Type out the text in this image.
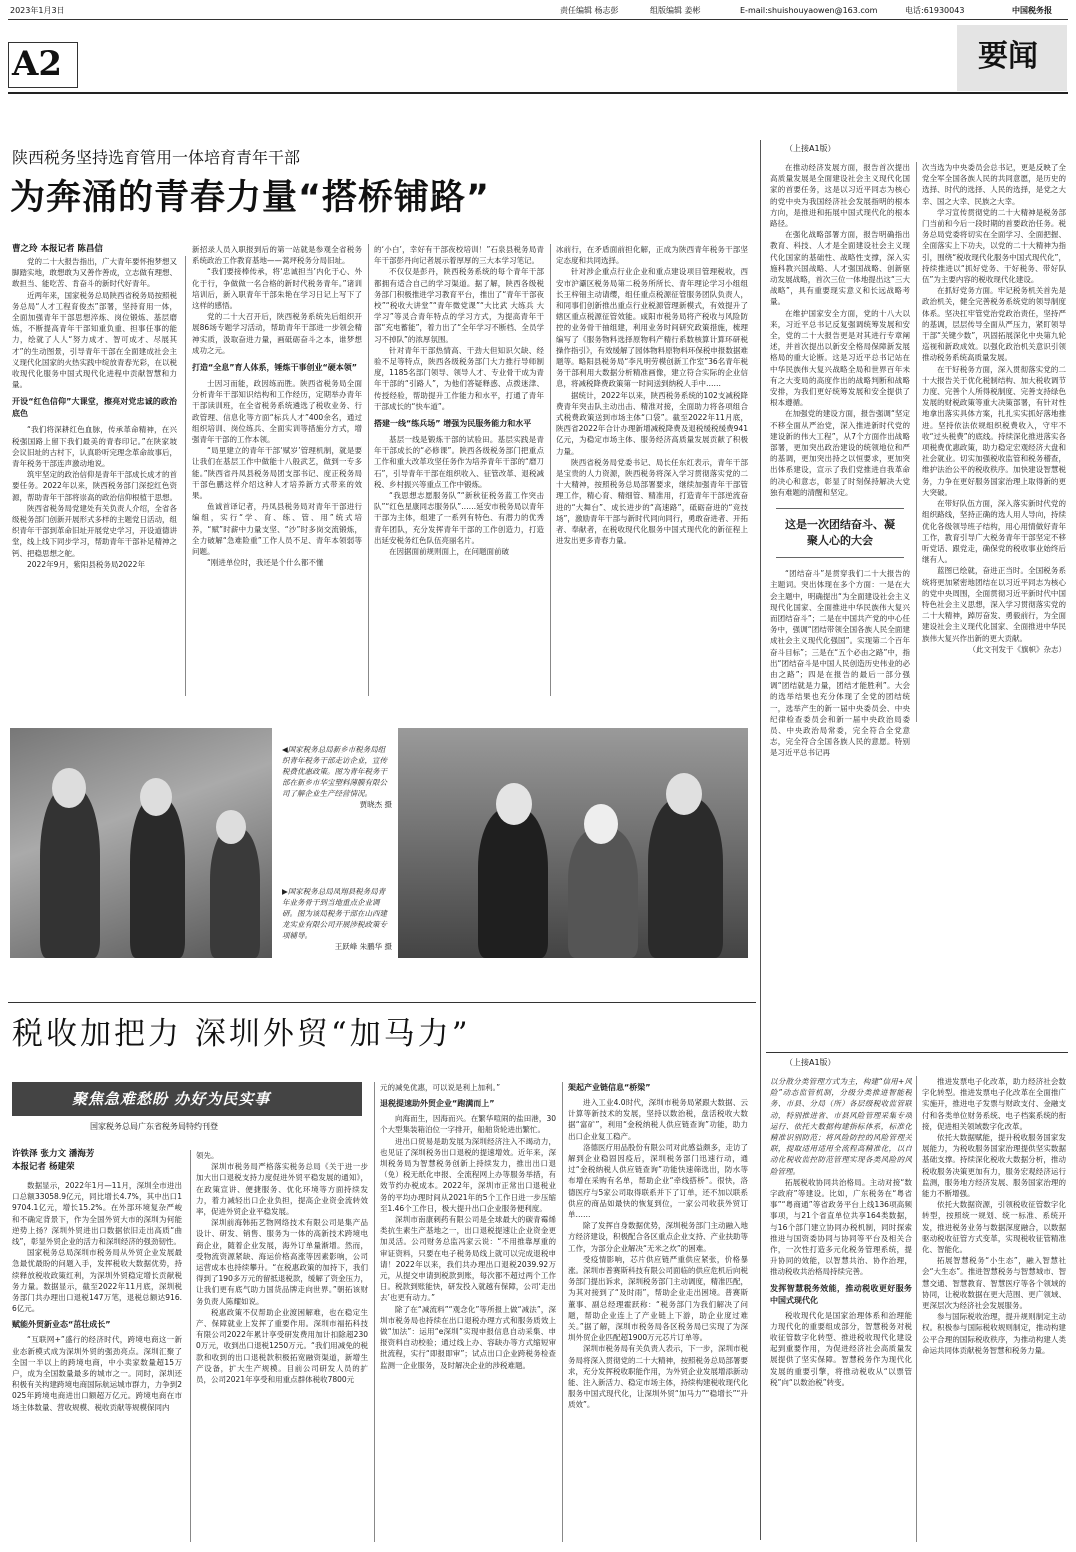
2023年1月3日	责任编辑 杨志彭	组版编辑 姜彬	E-mail:shuishouyaowen@163.com	电话:61930043	中国税务报
A2	要闻
陕西税务坚持选育管用一体培育青年干部
为奔涌的青春力量“搭桥铺路”
曹之玲 本报记者 陈昌信

党的二十大报告指出，广大青年要怀抱梦想又脚踏实地，敢想敢为又善作善成，立志做有理想、敢担当、能吃苦、肯奋斗的新时代好青年。

近两年来，国家税务总局陕西省税务局按照税务总局“人才工程育俊杰”部署，坚持育用一体，全面加强青年干部思想淬炼、岗位锻炼、基层磨炼，不断提高青年干部知重负重、担事任事的能力，绘就了人人“努力成才、智可成才、尽展其才”的生动图景，引导青年干部在全面建成社会主义现代化国家的火热实践中绽放青春光彩，在以税收现代化服务中国式现代化进程中贡献智慧和力量。

开设“红色信仰”大课堂，擦亮对党忠诚的政治底色

“我们将深耕红色血脉，传承革命精神，在兴税强国路上留下我们最美的青春印记。”在陕家坡会议旧址的古村下，认真聆听完理念革命故事后，青年税务干部连声激动地说。

筑牢坚定的政治信仰是青年干部成长成才的首要任务。2022年以来，陕西税务部门深挖红色资源，帮助青年干部将崇高的政治信仰根植于思想。

陕西省税务局党建处有关负责人介绍，全省各级税务部门创新开展形式多样的主题党日活动，组织青年干部到革命旧址开展党史学习，开设道德讲堂，线上线下同步学习，帮助青年干部补足精神之钙、把稳思想之舵。

2022年9月，紫阳县税务局2022年

新招录人员入职报到后的第一站就是参观全省税务系统政治工作教育基地——蒿坪税务分局旧址。

“我们要接棒传承，将‘忠诚担当’内化于心、外化于行，争做做一名合格的新时代税务青年。”诸训培训后，新入职青年干部朱艳在学习日记上写下了这样的感悟。

党的二十大召开后，陕西税务系统先后组织开展86场专题学习活动，帮助青年干部进一步领会精神实质，汲取奋进力量，画砥砺奋斗之本，谁梦想成功之元。

打造“全息”育人体系，锤炼干事创业“硬本领”

士因习而能，政因练而胜。陕西省税务局全面分析青年干部知识结构和工作经历，定期举办青年干部读训班，在全省税务系统遴选了税收业务、行政管理、信息化等方面“标兵人才”400余名，通过组织培训、岗位练兵、全面实训等措施分方式，增强青年干部的工作本领。

“局里建立的青年干部‘赋岁’管理机制，就是要让我们在基层工作中做能十八般武艺，做到一专多能。”陕西省丹凤县税务局团支部书记、度正税务局干部色鹏这样介绍这种人才培养新方式带来的效果。

鱼诚首译记者，丹凤县税务局对青年干部进行编组，实行“学、育、练、管、用”统式培养，“赋”时薪中力量支坚、“沙”时多岗交流锻炼，全力破解“急难险重”工作人员不足、青年本领弱等问题。

“刚进单位时，我还是个什么都不懂

的‘小白’，幸好有干部夜校培训！”石泉县税务局青年干部彭丹向记者展示着厚厚的三大本学习笔记。

不仅仅是彭丹，陕西税务系统的每个青年干部都拥有适合自己的学习渠道。据了解，陕西各级税务部门积极推进学习教育平台，推出了“青年干部夜校”“税收大讲堂”“青年微党课”“大比武 大练兵 大学习”等灵合青年特点的学习方式，为提高青年干部“充电蓄能”，着力出了“全年学习不断档、全员学习不掉队”的浓厚氛围。

针对青年干部热情高、干劲大但知识欠缺、经验不足等特点，陕西各级税务部门大力推行导师制度，1185名部门领导、领导人才、专业骨干成为青年干部的“引路人”，为他们答疑释惑、点拨迷津、传授经验，帮助提升工作能力和水平，打通了青年干部成长的“快车道”。

搭建一线“练兵场” 增强为民服务能力和水平

基层一线是锻炼干部的试验田。基层实践是青年干部成长的“必修课”。陕西各级税务部门把重点工作和重大改革攻坚任务作为培养青年干部的“磨刀石”，引导青年干部在组织收入、征管改革、退税减税、乡村振兴等重点工作中锻炼。

“我思想志愿服务队”“新秋征税务蓝工作突击队”“红色星康同志服务队”……延安市税务局以青年干部为主体，组建了一系列有特色、有潜力的优秀青年团队，充分发挥青年干部的工作创造力，打造出延安税务红色队伍亮丽名片。

在因据面前规则面上，在问题面前破

冰前行，在矛盾面前担化解，正成为陕西青年税务干部坚定态度和共同选择。

针对涉企重点行业企业和重点建设项目管理税收，西安市沪灞区税务局第二税务所所长、青年理论学习小组组长王梓钿主动请缨，组任重点税源征管服务团队负责人，和同事们创新推出重点行业税源管理新模式，有效提升了辖区重点税源征管效能。咸阳市税务局将产税收与风险防控的业务骨干抽组建，利用业务时间研究政策措施，梳理编写了《服务物料选择原物料产精行系数核算计算环研税操作指引》，有效缓解了园体物料原物料环保税申报数据难题等。略阳县税务局“李凡明劳模创新工作室”36名青年税务干部利用大数据分析精准画像，建立符合实际的企业信息，将减税降费政策第一时间送到纳税人手中……

据统计，2022年以来，陕西税务系统的102支减税降费青年突击队主动出击、精准对接，全面助力将各项组合式税费政策送到市场主体“口袋”。截至2022年11月底，陕西省2022年合计办理新增减税降费及退税缓税缓费941亿元，为稳定市场主体、服务经济高质量发展贡献了积极力量。

陕西省税务局党委书记、局长任东红表示，青年干部是宝贵的人力资源，陕西税务将深入学习贯彻落实党的二十大精神，按照税务总局部署要求，继续加强青年干部管理工作，精心育、精细管、精准用，打造青年干部逆流奋进的“大舞台”、成长进步的“高速路”，砥砺奋进的“竞技场”，激励青年干部与新时代同向同行，勇敢奋进者、开拓者、奉献者，在税收现代化服务中国式现代化的新征程上进发出更多青春力量。

◀国家税务总局新乡市税务局组织青年税务干部走访企业，宣传税费优惠政策。图为青年税务干部在新乡市华宝塑料薄膜有限公司了解企业生产经营情况。
贾晓杰 摄
▶国家税务总局凤翔县税务局青年业务骨干到当地重点企业调研。图为该局税务干部在山西建龙实业有限公司开展涉税政策专项辅导。
王跃峰 朱鹏华 摄
（上接A1版）

在推动经济发展方面，报告首次提出高质量发展是全面建设社会主义现代化国家的首要任务，这是以习近平同志为核心的党中央为我国经济社会发展指明的根本方向，是推进和拓展中国式现代化的根本路径。

在强化战略部署方面，报告明确指出教育、科技、人才是全面建设社会主义现代化国家的基础性、战略性支撑，深入实施科教兴国战略、人才强国战略、创新驱动发展战略，首次三位一体地提出这“三大战略”，具有重要现实意义和长远战略考量。

在维护国家安全方面，党的十八大以来，习近平总书记反复强调统筹发展和安全，党的二十大报告更是对其进行专章阐述，并首次提出以新安全格局保障新发展格局的重大论断。这是习近平总书记站在中华民族伟大复兴战略全局和世界百年未有之大变局的高度作出的战略判断和战略安排，为我们更好统筹发展和安全提供了根本遵循。

在加强党的建设方面，报告强调“坚定不移全面从严治党，深入推进新时代党的建设新的伟大工程”，从7个方面作出战略部署，更加突出政治建设的统领地位和严的基调，更加突出持之以恒要求，更加突出体系建设，宣示了我们党推进自我革命的决心和意志，彰显了时刻保持解决大党独有难题的清醒和坚定。

这是一次团结奋斗、凝聚人心的大会

“团结奋斗”是贯穿我们二十大报告的主题词。突出体现在多个方面：一是在大会主题中，明确提出“为全面建设社会主义现代化国家、全面推进中华民族伟大复兴而团结奋斗”；二是在中国共产党的中心任务中，强调“团结带领全国各族人民全面建成社会主义现代化强国”。实现第二个百年奋斗目标”；三是在“五个必由之路”中，指出“团结奋斗是中国人民创造历史伟业的必由之路”；四是在报告的最后一部分强调“团结就是力量，团结才能胜利”。大会的选举结果也充分体现了全党的团结统一，选举产生的新一届中央委员会、中央纪律检查委员会和新一届中央政治局委员、中央政治局常委，完全符合全党意志，完全符合全国各族人民的意愿。特别是习近平总书记再

次当选为中央委员会总书记，更是反映了全党全军全国各族人民的共同意愿，是历史的选择、时代的选择、人民的选择，是党之大幸、国之大幸、民族之大幸。

学习宣传贯彻党的二十大精神是税务部门当前和今后一段时期的首要政治任务。税务总局党委将切实在全面学习、全面把握、全面落实上下功夫，以党的二十大精神为指引，围绕“税收现代化服务中国式现代化”，持续推进以“抓好党务、干好税务、带好队伍”为主要内容的税收现代化建设。

在抓好党务方面。牢记税务机关首先是政治机关，健全完善税务系统党的领导制度体系。坚决扛牢管党治党政治责任，坚持严的基调，层层传导全面从严压力，紧盯领导干部“关键少数”，巩固拓展深化中央第九轮巡视和新政成效。以强化政治机关意识引领推动税务系统高质量发展。

在干好税务方面，深入贯彻落实党的二十大报告关于优化税制结构、加大税收调节力度、完善个人所得税制度、完善支持绿色发展的财税政策等重大决策部署，有针对性地拿出落实具体方案，扎扎实实抓好落地推进。坚持依法依规组织税费收入，守牢不收“过头税费”的底线。持续深化推进落实各项税费优惠政策，助力稳定宏观经济大盘和社会就业。切实加强税收监管和税务稽查，维护法治公平的税收秩序。加快建设智慧税务，力争在更好服务国家治理上取得新的更大突破。

在带好队伍方面，深入落实新时代党的组织路线，坚持正确的选人用人导向，持续优化各级领导班子结构，用心用情做好青年工作，教育引导广大税务青年干部坚定不移听党话、跟党走，确保党的税收事业始终后继有人。

蓝图已绘就，奋进正当时。全国税务系统将更加紧密地团结在以习近平同志为核心的党中央周围，全面贯彻习近平新时代中国特色社会主义思想，深入学习贯彻落实党的二十大精神，踔厉奋发、勇毅前行，为全面建设社会主义现代化国家、全面推进中华民族伟大复兴作出新的更大贡献。

（此文刊发于《旗帜》杂志）
税收加把力 深圳外贸“加马力”
聚焦急难愁盼 办好为民实事
国家税务总局广东省税务局特约刊登
许铁泽 张力文 潘海芳
本报记者 杨建荣

数据显示，2022年1月—11月，深圳全市进出口总额33058.9亿元，同比增长4.7%，其中出口19704.1亿元，增长15.2%。在外部环境复杂严峻和不确定背景下，作为全国外贸大市的深圳为何能逆势上扬？深圳外贸进出口数据依旧走出高质“曲线”，彰显外贸企业的活力和深圳经济的强劲韧性。

国家税务总局深圳市税务局从外贸企业发展最急最忧最盼的问题入手，发挥税收大数据优势，持续释放税收政策红利，为深圳外贸稳定增长贡献税务力量。数据显示，截至2022年11月底，深圳税务部门共办理出口退税147万笔，退税总额达916.6亿元。

赋能外贸新业态“茁壮成长”

“互联网+”盛行的经济时代，跨境电商这一新业态新模式成为深圳外贸的强劲亮点。深圳汇聚了全国一半以上的跨境电商，中小卖家数量超15万户，成为全国数量最多的城市之一。同时，深圳还积极有关构建跨境电商国际航运城市群力，力争到2025年跨境电商进出口额超万亿元。跨境电商在市场主体数量、营收规模、税收贡献等规模保同内

领先。

深圳市税务局严格落实税务总局《关于进一步加大出口退税支持力度促进外贸平稳发展的通知》，在政策宣讲、便捷服务、优化环境等方面持续发力，着力减轻出口企业负担，提高企业资金流转效率，促进外贸企业平稳发展。

深圳前海韩拓艺物网络技术有限公司是集产品设计、研发、销售、服务为一体的高新技术跨境电商企业，随着企业发展，海外订单量渐增。然而，受物流资源紧缺、海运价格高涨等因素影响，公司运营成本也持续攀升。“在税惠政策的加持下，我们得到了190多万元的留抵退税款，缓解了资金压力，让我们更有底气助力国货品牌走向世界。”朝拓该财务负责人陈耀如说。

税惠政策不仅帮助企业渡困解难，也在稳定生产、保障就业上发挥了重要作用。深圳市福拓科技有限公司2022年累计享受研发费用加计扣除超2300万元，收到出口退税1250万元。“我们用减免的税款和收到的出口退税款积极拓宽融资渠道，新增生产设备，扩大生产规模。目前公司研发人员的扩员，公司2021年享受和用重点群体税收7800元

元的减免优惠，可以说是利上加利。”

退税提速助外贸企业“跑满而上”

向海而生，因海而兴。在繁华喧闹的盐田港，30个大型集装箱泊位一字排开，船舶货轮进出繁忙。

进出口贸易是助发展为深圳经济注入不竭动力，也见证了深圳税务出口退税的提速增效。近年来，深圳税务局为智慧税务创新上持续发力，推出出口退（免）税无纸化申报、全流程网上办等服务举措，有效节约办税成本。2022年，深圳市正常出口退税业务的平均办理时间从2021年的5个工作日进一步压缩至1.46个工作日，极大提升出口企业服务便利度。

深圳市南康刺药有限公司是全球最大的碳青霉烯类抗生素生产基地之一，出口退税提速让企业资金更加灵活。公司财务总监冯家云说：“不用推靠厚重的审证资料，只要在电子税务局线上就可以完成退税申请！2022年以来，我们共办理出口退税2039.92万元，从提交申请到税款到账，每次都不超过两个工作日。税款到账能快，研发投入就越有保障，公司‘走出去’也更有动力。”

除了在“减流料”“观念化”等所报上做“减法”，深圳市税务局也持续在出口退税办理方式和服务质效上做“加法”：运用“e深圳”实现申报信息自动采集、申报资料自动校验；通过线上办、容缺办等方式缩短审批流程，实行“即报即审”；试点出口企业跨税务检查监测一企业服务，及时解决企业的涉税难题。

架起产业链信息“桥梁”

进入工业4.0时代，深圳市税务局紧跟大数据、云计算等新技术的发展，坚持以数治税，盘活税收大数据“富矿”，利用“金税纳税人供应链查询”功能，助力出口企业复工稳产。

洛德医疗用品股份有限公司对此感益颇多，走访了解到企业稳固因疫后，深圳税务部门迅速行动，通过“金税纳税人供应链查询”功能快速筛选出，防水等布增在采购有名单，帮助企业“牵线搭桥”。很快，洛德医疗与5家公司取得联系并下了订单，还不加以联系供应的商品如最快的恢复到位，一家公司收获外贸订单……

除了发挥自身数据优势，深圳税务部门主动融入地方经济建设，积极配合各区重点企业支持、产业扶助等工作，为部分企业解决“无米之炊”的困难。

受疫情影响，芯片供应链严重供应紧张，价格暴涨。深圳市普赛斯科技有限公司面临的供应危机后向税务部门提出诉求，深圳税务部门主动调度，精准匹配，为其对接到了“及时雨”，帮助企业走出困境。普赛斯董事、副总经理霍跃称：“税务部门为我们解决了问题，帮助企业连上了产业链上下游，助企业度过难关。”据了解，深圳市税务局各区税务局已实现了为深圳外贸企业匹配超1900万元芯片订单等。

深圳市税务局有关负责人表示，下一步，深圳市税务局将深入贯彻党的二十大精神，按照税务总局部署要求，充分发挥税收职能作用，为外贸企业发展增添新动能、注入新活力、稳定市场主体，持续构建税收现代化服务中国式现代化，让深圳外贸“加马力”“稳增长”“升质效”。

（上接A1版）

以分散分类管理方式为主，构建“信用+风险”动态监管机制，分级分类推进智能税务、市县、分局（所）各层级税收监管联动，特别推进省、市县风险管理采集专项运行、依托大数据构建指标体系，标准化精准识别防范；将风险防控的风险管理关联，提取适用适用全流程高精准化，以自动化税收监控防范管理实现各类风险的风险管理。

拓展税收协同共治格局。主动对接“数字政府”等建设。比如，广东税务在“粤省事”“粤商通”等省政务平台上线136项高频事项，与21个省直单位共享164类数据，与16个部门建立协同办税机制，同时探索推进与国资委协同与协同等平台及相关合作，一次性打造多元化税务管理系统，提升协同的效能，以智慧共治、协作治理，推动税收共治格局持续完善。

发挥智慧税务效能，推动税收更好服务中国式现代化

税收现代化是国家治理体系和治理能力现代化的重要组成部分，智慧税务对税收征管数字化转型、推进税收现代化建设起到重要作用，为促进经济社会高质量发展提供了坚实保障。智慧税务作为现代化发展的重要引擎，将推动税收从“以票管税”向“以数治税”转变。

推进发票电子化改革，助力经济社会数字化转型。推进发票电子化改革在全面推广实施开，推进电子发票与财政支付、金融支付和各类单位财务系统、电子档案系统的衔接，促进相关领域数字化改革。

依托大数据赋能，提升税收服务国家发展能力，为税收服务国家治理提供坚实数据基础支撑。持续深化税收大数据分析，推动税收服务决策更加有力，服务宏观经济运行监测，服务地方经济发展、服务国家治理的能力不断增强。

依托大数据资源，引领税收征管数字化转型，按照统一规划、统一标准、系统开发，推进税务业务与数据深度融合，以数据驱动税收征管方式变革，实现税收征管精准化、智能化。

拓展智慧税务“小生态”，融入智慧社会“大生态”。推进智慧税务与智慧城市、智慧交通、智慧教育、智慧医疗等各个领域的协同，让税收数据在更大范围、更广领域、更深层次为经济社会发展服务。

参与国际税收治理，提升规则制定主动权。积极参与国际税收规则制定，推动构建公平合理的国际税收秩序，为推动构建人类命运共同体贡献税务智慧和税务力量。
